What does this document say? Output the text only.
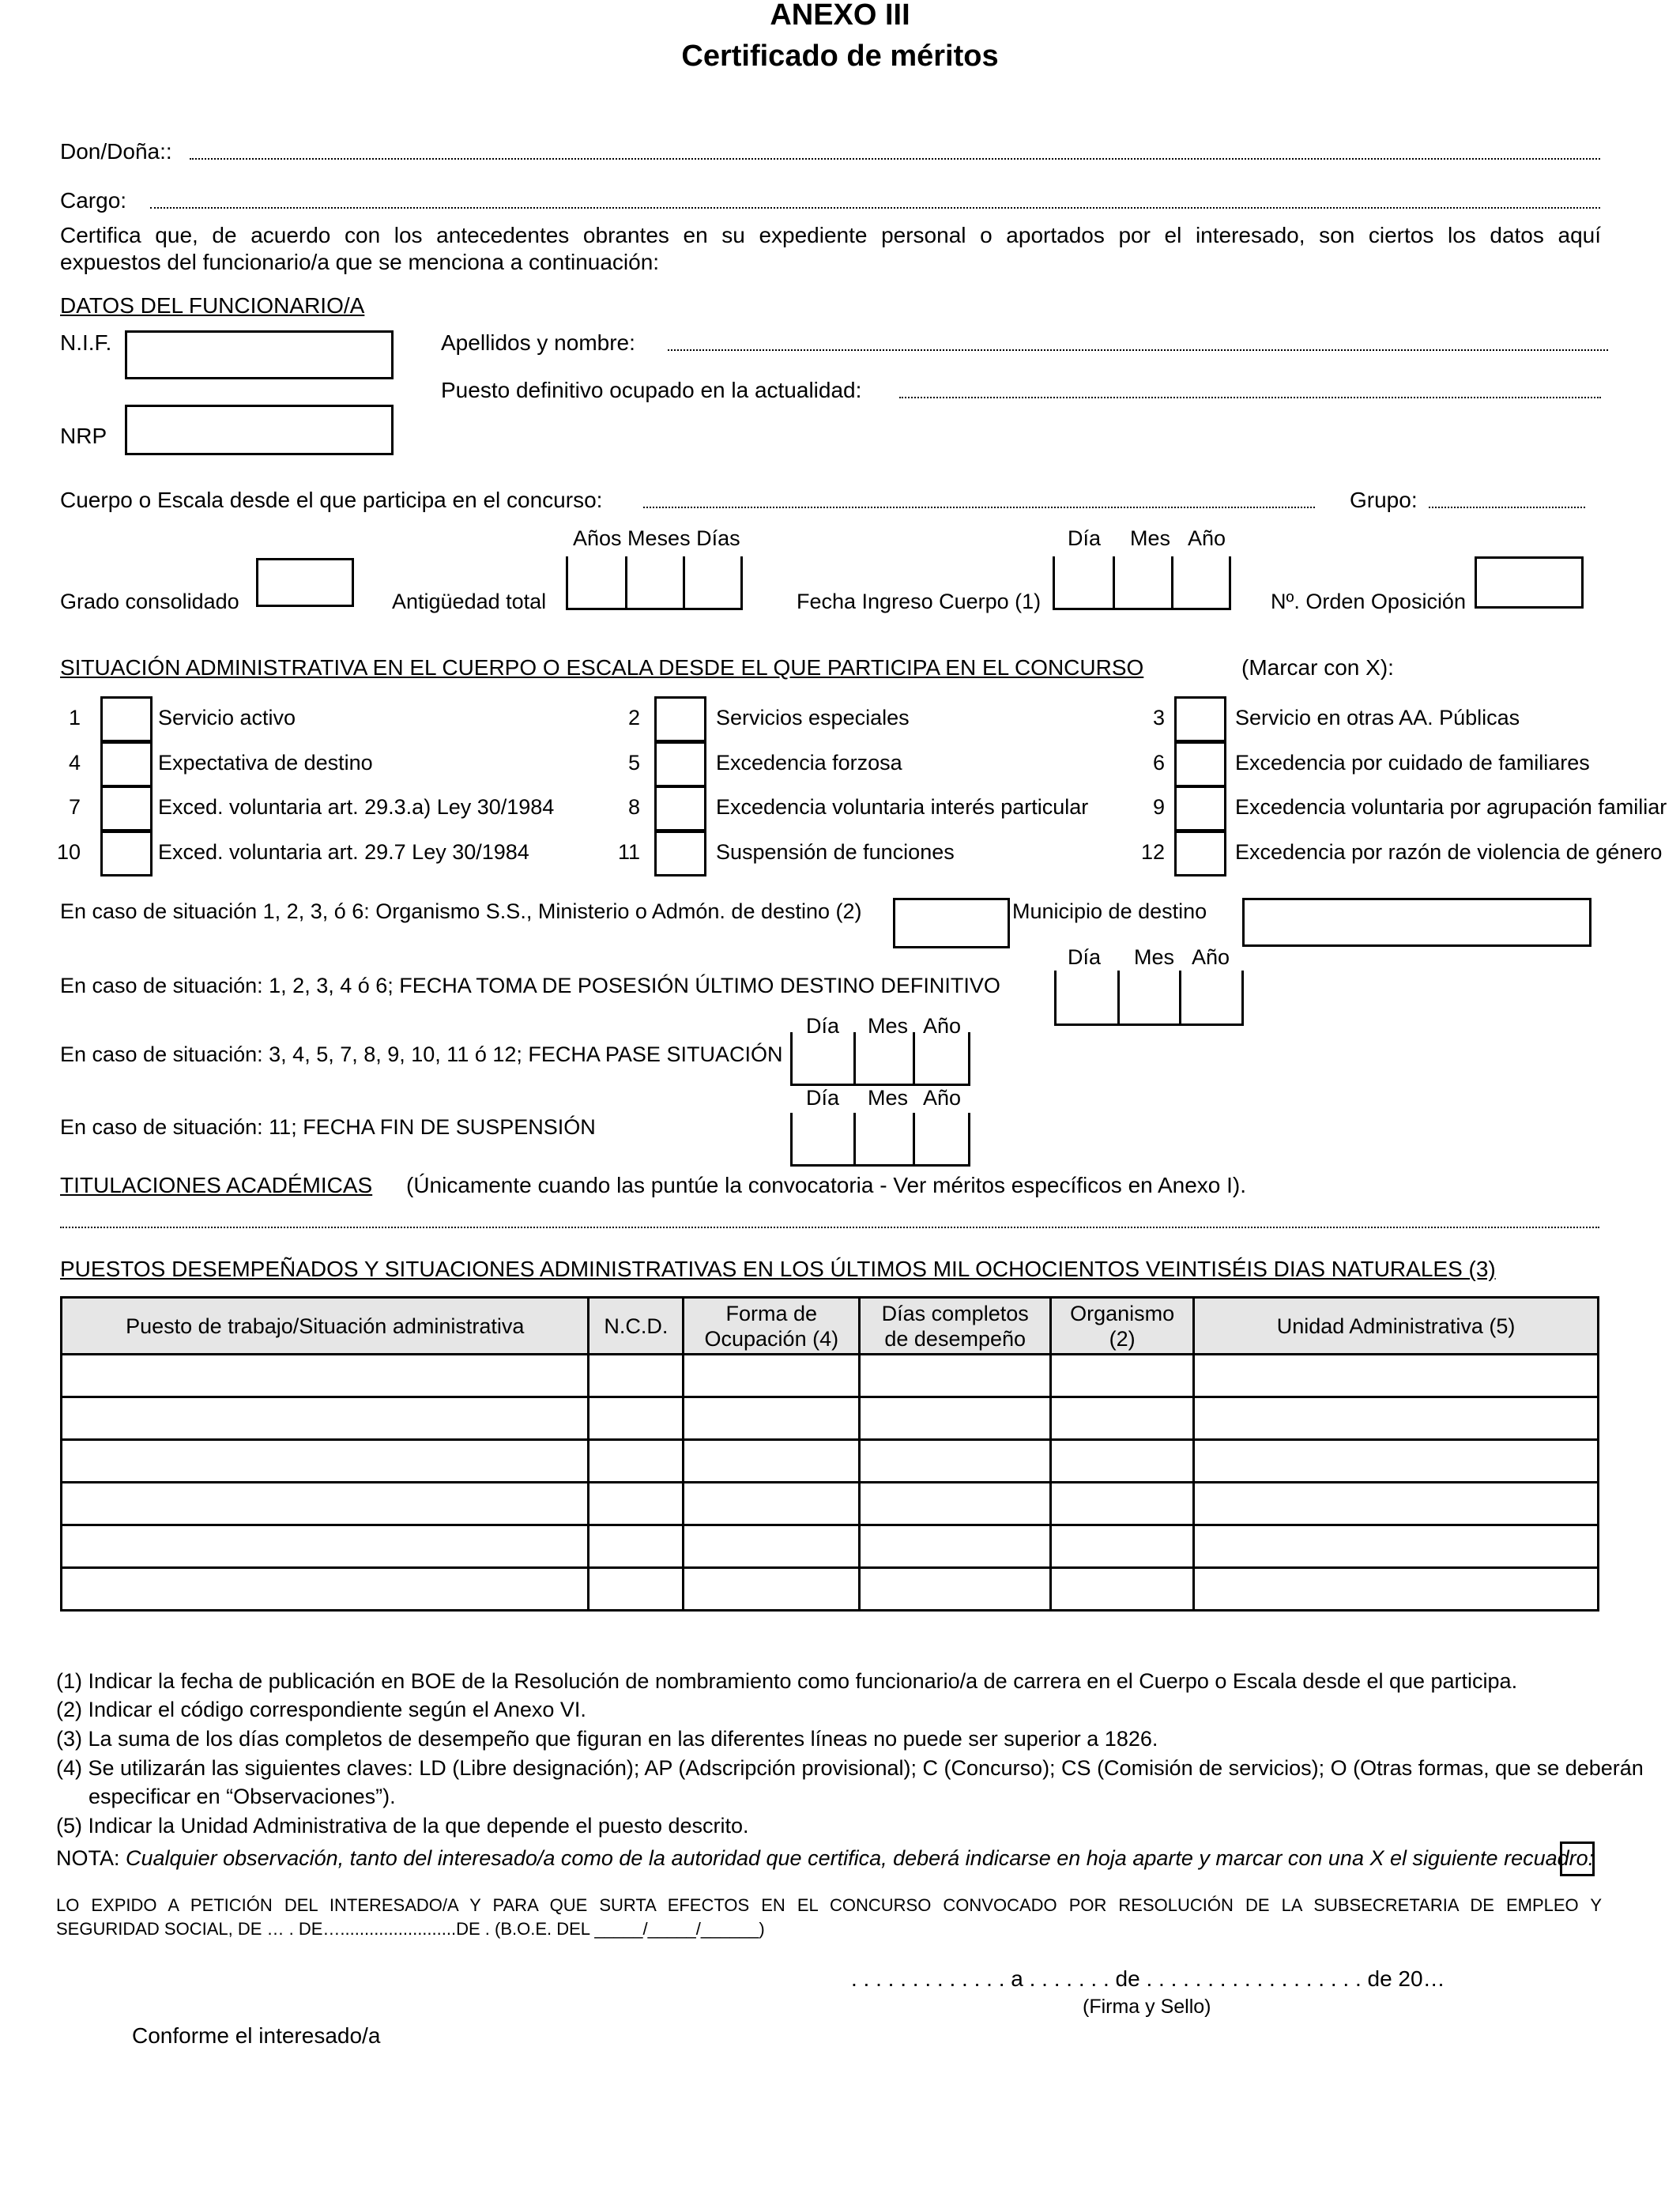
ANEXO III
Certificado de méritos
Don/Doña::
Cargo:
Certifica que, de acuerdo con los antecedentes obrantes en su expediente personal o aportados por el interesado, son ciertos los datos aquí
expuestos del funcionario/a que se menciona a continuación:
DATOS DEL FUNCIONARIO/A
N.I.F.
NRP
Apellidos y nombre:
Puesto definitivo ocupado en la actualidad:
Cuerpo o Escala desde el que participa en el concurso:	Grupo:
Años Meses Días	Día Mes Año
Grado consolidado	Antigüedad total	Fecha Ingreso Cuerpo (1)	Nº. Orden Oposición
SITUACIÓN ADMINISTRATIVA EN EL CUERPO O ESCALA DESDE EL QUE PARTICIPA EN EL CONCURSO	(Marcar con X):
1	Servicio activo	2	Servicios especiales	3	Servicio en otras AA. Públicas
4	Expectativa de destino	5	Excedencia forzosa	6	Excedencia por cuidado de familiares
7	Exced. voluntaria art. 29.3.a) Ley 30/1984	8	Excedencia voluntaria interés particular	9	Excedencia voluntaria por agrupación familiar
10	Exced. voluntaria art. 29.7 Ley 30/1984	11	Suspensión de funciones	12	Excedencia por razón de violencia de género
En caso de situación 1, 2, 3, ó 6: Organismo S.S., Ministerio o Admón. de destino (2)	Municipio de destino
Día Mes Año
En caso de situación: 1, 2, 3, 4 ó 6; FECHA TOMA DE POSESIÓN ÚLTIMO DESTINO DEFINITIVO
Día Mes Año
En caso de situación: 3, 4, 5, 7, 8, 9, 10, 11 ó 12; FECHA PASE SITUACIÓN
Día Mes Año
En caso de situación: 11; FECHA FIN DE SUSPENSIÓN
TITULACIONES ACADÉMICAS (Únicamente cuando las puntúe la convocatoria - Ver méritos específicos en Anexo I).
PUESTOS DESEMPEÑADOS Y SITUACIONES ADMINISTRATIVAS EN LOS ÚLTIMOS MIL OCHOCIENTOS VEINTISÉIS DIAS NATURALES (3)
Puesto de trabajo/Situación administrativa	N.C.D.	Forma de Ocupación (4)	Días completos de desempeño	Organismo (2)	Unidad Administrativa (5)

(1) Indicar la fecha de publicación en BOE de la Resolución de nombramiento como funcionario/a de carrera en el Cuerpo o Escala desde el que participa.
(2) Indicar el código correspondiente según el Anexo VI.
(3) La suma de los días completos de desempeño que figuran en las diferentes líneas no puede ser superior a 1826.
(4) Se utilizarán las siguientes claves: LD (Libre designación); AP (Adscripción provisional); C (Concurso); CS (Comisión de servicios); O (Otras formas, que se deberán
especificar en “Observaciones”).
(5) Indicar la Unidad Administrativa de la que depende el puesto descrito.
NOTA: Cualquier observación, tanto del interesado/a como de la autoridad que certifica, deberá indicarse en hoja aparte y marcar con una X el siguiente recuadro:
LO EXPIDO A PETICIÓN DEL INTERESADO/A Y PARA QUE SURTA EFECTOS EN EL CONCURSO CONVOCADO POR RESOLUCIÓN DE LA SUBSECRETARIA DE EMPLEO Y
SEGURIDAD SOCIAL, DE … . DE…........................DE . (B.O.E. DEL _____/_____/______)
. . . . . . . . . . . . . a . . . . . . . de . . . . . . . . . . . . . . . . . . de 20…
(Firma y Sello)
Conforme el interesado/a
